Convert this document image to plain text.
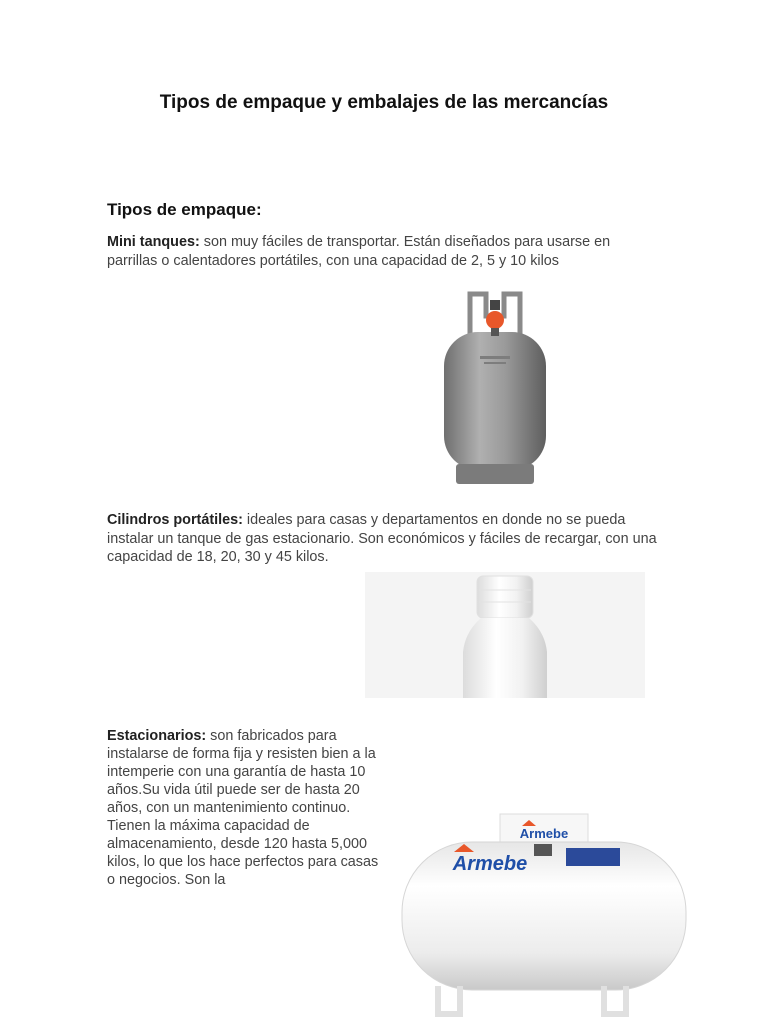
Tipos de empaque y embalajes de las mercancías
Tipos de empaque:
Mini tanques: son muy fáciles de transportar. Están diseñados para usarse en parrillas o calentadores portátiles, con una capacidad de 2, 5 y 10 kilos
Cilindros portátiles: ideales para casas y departamentos en donde no se pueda instalar un tanque de gas estacionario. Son económicos y fáciles de recargar, con una capacidad de 18, 20, 30 y 45 kilos.
Estacionarios: son fabricados para instalarse de forma fija y resisten bien a la intemperie con una garantía de hasta 10 años.Su vida útil puede ser de hasta 20 años, con un mantenimiento continuo. Tienen la máxima capacidad de almacenamiento, desde 120 hasta 5,000 kilos, lo que los hace perfectos para casas o negocios. Son la
Armebe
Armebe
